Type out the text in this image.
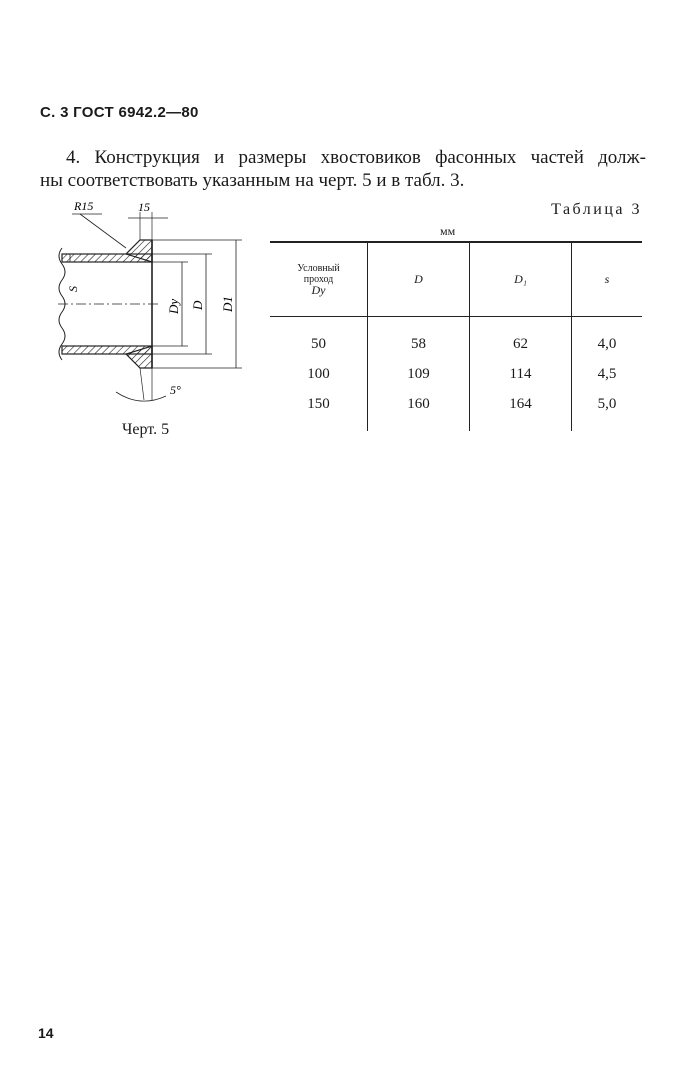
С. 3 ГОСТ 6942.2—80

4. Конструкция и размеры хвостовиков фасонных частей долж-

ны соответствовать указанным на черт. 5 и в табл. 3.

R15	15
S
Dу D D1
5°
Черт. 5
Таблица 3
мм
Условный
проход
Dу	D	D₁	s
50	58	62	4,0
100	109	114	4,5
150	160	164	5,0
14
